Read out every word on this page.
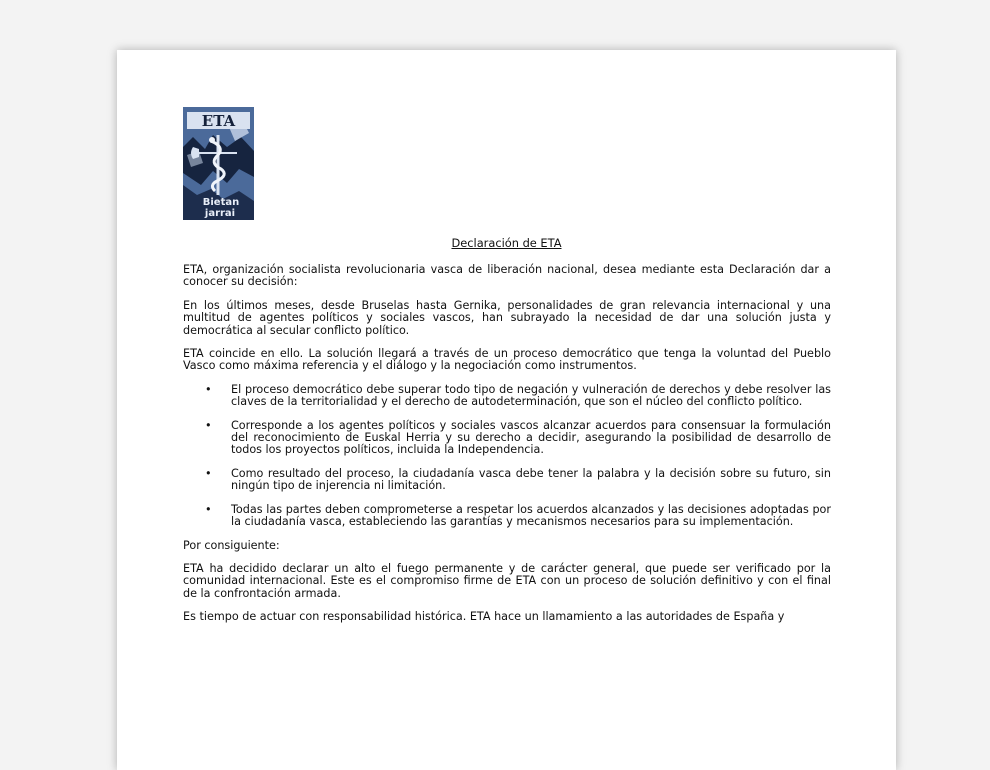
ETA
Bietan
jarrai
Declaración de ETA

ETA, organización socialista revolucionaria vasca de liberación nacional, desea mediante esta Declaración dar a conocer su decisión:

En los últimos meses, desde Bruselas hasta Gernika, personalidades de gran relevancia internacional y una multitud de agentes políticos y sociales vascos, han subrayado la necesidad de dar una solución justa y democrática al secular conflicto político.

ETA coincide en ello. La solución llegará a través de un proceso democrático que tenga la voluntad del Pueblo Vasco como máxima referencia y el diálogo y la negociación como instrumentos.

• El proceso democrático debe superar todo tipo de negación y vulneración de derechos y debe resolver las claves de la territorialidad y el derecho de autodeterminación, que son el núcleo del conflicto político.
• Corresponde a los agentes políticos y sociales vascos alcanzar acuerdos para consensuar la formulación del reconocimiento de Euskal Herria y su derecho a decidir, asegurando la posibilidad de desarrollo de todos los proyectos políticos, incluida la Independencia.
• Como resultado del proceso, la ciudadanía vasca debe tener la palabra y la decisión sobre su futuro, sin ningún tipo de injerencia ni limitación.
• Todas las partes deben comprometerse a respetar los acuerdos alcanzados y las decisiones adoptadas por la ciudadanía vasca, estableciendo las garantías y mecanismos necesarios para su implementación.

Por consiguiente:

ETA ha decidido declarar un alto el fuego permanente y de carácter general, que puede ser verificado por la comunidad internacional. Este es el compromiso firme de ETA con un proceso de solución definitivo y con el final de la confrontación armada.

Es tiempo de actuar con responsabilidad histórica. ETA hace un llamamiento a las autoridades de España y
